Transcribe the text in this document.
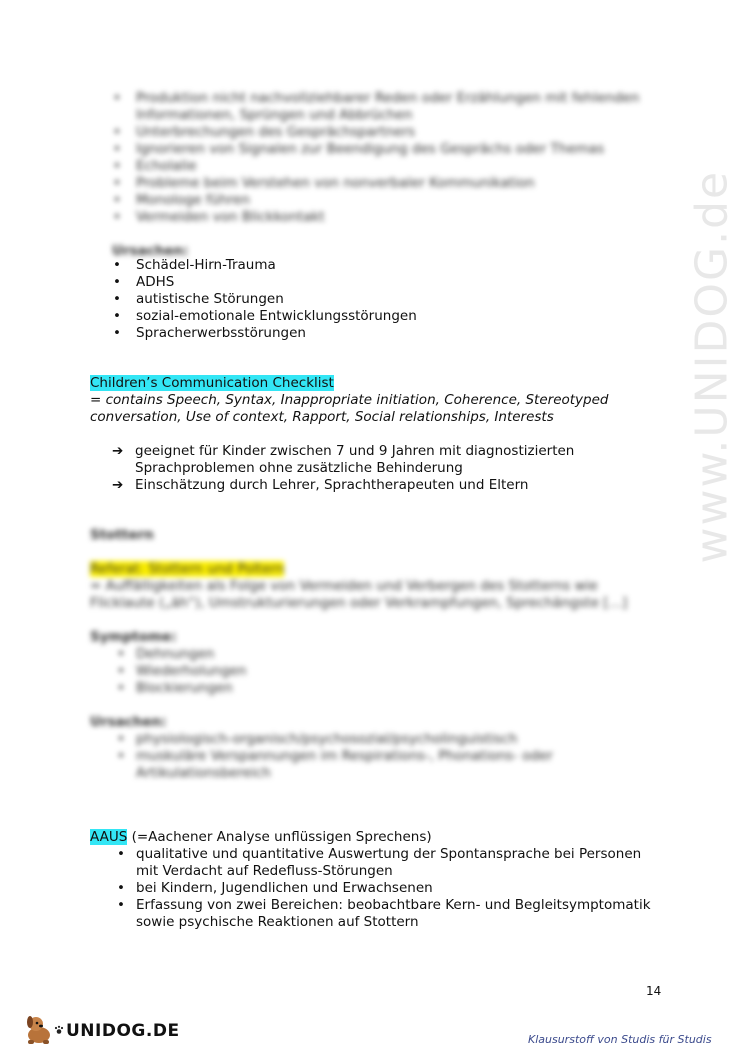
www.UNIDOG.de
• Produktion nicht nachvollziehbarer Reden oder Erzählungen mit fehlenden Informationen, Sprüngen und Abbrüchen
• Unterbrechungen des Gesprächspartners
• Ignorieren von Signalen zur Beendigung des Gesprächs oder Themas
• Echolalie
• Probleme beim Verstehen von nonverbaler Kommunikation
• Monologe führen
• Vermeiden von Blickkontakt
Ursachen:
• Schädel-Hirn-Trauma
• ADHS
• autistische Störungen
• sozial-emotionale Entwicklungsstörungen
• Spracherwerbsstörungen
Children’s Communication Checklist
= contains Speech, Syntax, Inappropriate initiation, Coherence, Stereotyped conversation, Use of context, Rapport, Social relationships, Interests
➔ geeignet für Kinder zwischen 7 und 9 Jahren mit diagnostizierten Sprachproblemen ohne zusätzliche Behinderung
➔ Einschätzung durch Lehrer, Sprachtherapeuten und Eltern
Stottern
Referat: Stottern und Poltern
= Auffälligkeiten als Folge von Vermeiden und Verbergen des Stotterns wie Flicklaute („äh“), Umstrukturierungen oder Verkrampfungen, Sprechängste […]
Symptome:
• Dehnungen
• Wiederholungen
• Blockierungen
Ursachen:
• physiologisch-organisch/psychosozial/psycholinguistisch
• muskuläre Verspannungen im Respirations-, Phonations- oder Artikulationsbereich
AAUS (=Aachener Analyse unflüssigen Sprechens)
• qualitative und quantitative Auswertung der Spontansprache bei Personen mit Verdacht auf Redefluss-Störungen
• bei Kindern, Jugendlichen und Erwachsenen
• Erfassung von zwei Bereichen: beobachtbare Kern- und Begleitsymptomatik sowie psychische Reaktionen auf Stottern
14
UNIDOG.DE	Klausurstoff von Studis für Studis
